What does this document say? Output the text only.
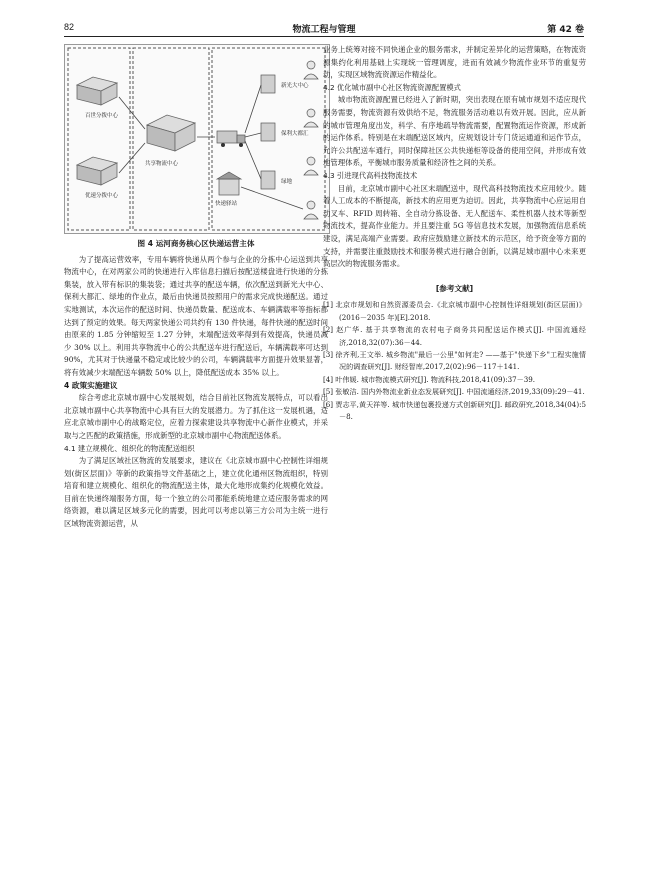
82	物流工程与管理	第 42 卷
百世分拨中心
优速分拨中心
共享物流中心
快递驿站
新光大中心
保利大都汇
绿地
图 4 运河商务核心区快递运营主体

为了提高运营效率，专用车辆将快递从两个参与企业的分拣中心运送到共享物流中心，在对两家公司的快递进行入库信息扫描后按配送楼盘进行快递的分拣集装，放入带有标识的集装袋；通过共享的配送车辆，依次配送到新光大中心、保利大都汇、绿地的作业点，最后由快递员按照用户的需求完成快递配送。通过实地测试，本次运作的配送时间、快递员数量、配送成本、车辆满载率等指标都达到了预定的效果。每天两家快递公司共约有 130 件快递，每件快递的配送时间由原来的 1.85 分钟缩短至 1.27 分钟，末端配送效率得到有效提高，快递员减少 30% 以上。利用共享物流中心的公共配送车进行配送后，车辆满载率可达到 90%，尤其对于快递量不稳定或比较少的公司，车辆满载率方面提升效果显著，将有效减少末端配送车辆数 50% 以上，降低配送成本 35% 以上。

4 政策实施建议

综合考虑北京城市副中心发展规划，结合目前社区物流发展特点，可以看出北京城市副中心共享物流中心具有巨大的发展潜力。为了抓住这一发展机遇，适应北京城市副中心的战略定位，应着力探索建设共享物流中心新作业模式，并采取与之匹配的政策措施，形成新型的北京城市副中心物流配送体系。

4.1 建立规模化、组织化的物流配送组织

为了满足区域社区物流的发展要求，建议在《北京城市副中心控制性详细规划(街区层面)》等新的政策指导文件基础之上，建立优化通州区物流组织，特别培育和建立规模化、组织化的物流配送主体，最大化地形成集约化规模化效益。目前在快递终端服务方面，每一个独立的公司都能系统地建立适应服务需求的网络资源，难以满足区域多元化的需要，因此可以考虑以第三方公司为主统一进行区域物流资源运营，从

业务上统筹对接不同快递企业的服务需求，并制定差异化的运营策略，在物流资源集约化利用基础上实现统一管理调度，进而有效减少物流作业环节的重复劳动，实现区域物流资源运作精益化。

4.2 优化城市副中心社区物流资源配置模式

城市物流资源配置已经进入了新时期，突出表现在原有城市规划不适应现代服务需要，物流资源有效供给不足，物流服务活动难以有效开展。因此，应从新的城市管理角度出发，科学、有序地疏导物流需要，配置物流运作资源，形成新的运作体系。特别是在末端配送区域内，应规划设计专门货运通道和运作节点，允许公共配送车通行，同时保障社区公共快递柜等设备的使用空间，并形成有效地管理体系，平衡城市服务质量和经济性之间的关系。

4.3 引进现代高科技物流技术

目前，北京城市副中心社区末端配送中，现代高科技物流技术应用较少。随着人工成本的不断提高，新技术的应用更为迫切。因此，共享物流中心应运用自动叉车、RFID 周转箱、全自动分拣设备、无人配送车、柔性机器人技术等新型物流技术，提高作业能力。并且要注重 5G 等信息技术发展，加强物流信息系统建设，满足高端产业需要。政府应鼓励建立新技术的示范区，给予资金等方面的支持，并需要注重鼓励技术和服务模式进行融合创新，以满足城市副中心未来更高层次的物流服务需求。

[参考文献]

[1] 北京市规划和自然资源委员会.《北京城市副中心控制性详细规划(街区层面)》(2016－2035 年)[E].2018.

[2] 赵广华. 基于共享物流的农村电子商务共同配送运作模式[J]. 中国流通经济,2018,32(07):36－44.

[3] 徐齐利,王文举. 城乡物流"最后一公里"如何走? ——基于"快递下乡"工程实施情况的调查研究[J]. 财经智库,2017,2(02):96－117＋141.

[4] 叶伟媛. 城市物流模式研究[J]. 物流科技,2018,41(09):37－39.

[5] 张敏洁. 国内外物流业新业态发展研究[J]. 中国流通经济,2019,33(09):29－41.

[6] 贾志平,黄天祥等. 城市快递包裹投递方式创新研究[J]. 邮政研究,2018,34(04):5－8.
